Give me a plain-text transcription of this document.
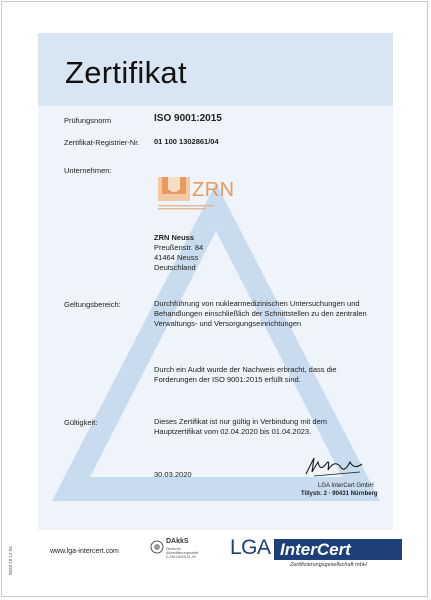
Zertifikat
Prüfungsnorm	ISO 9001:2015
Zertifikat-Registrier-Nr. 01 100 1302861/04
Unternehmen:
ZRN
ZRN Neuss
Preußenstr. 84
41464 Neuss
Deutschland
Geltungsbereich:	Durchführung von nuklearmedizinischen Untersuchungen und
Behandlungen einschließlich der Schnittstellen zu den zentralen
Verwaltungs- und Versorgungseinrichtungen
Durch ein Audit wurde der Nachweis erbracht, dass die
Forderungen der ISO 9001:2015 erfüllt sind.
Gültigkeit:	Dieses Zertifikat ist nur gültig in Verbindung mit dem
Hauptzertifikat vom 02.04.2020 bis 01.04.2023.
30.03.2020
LGA InterCert GmbH
Tillystr. 2 · 90431 Nürnberg
www.lga-intercert.com
0028 18 12 04
DAkkS
Deutsche
Akkreditierungsstelle
D-ZM-16029-01-00 LGA InterCert
Zertifizierungsgesellschaft mbH
